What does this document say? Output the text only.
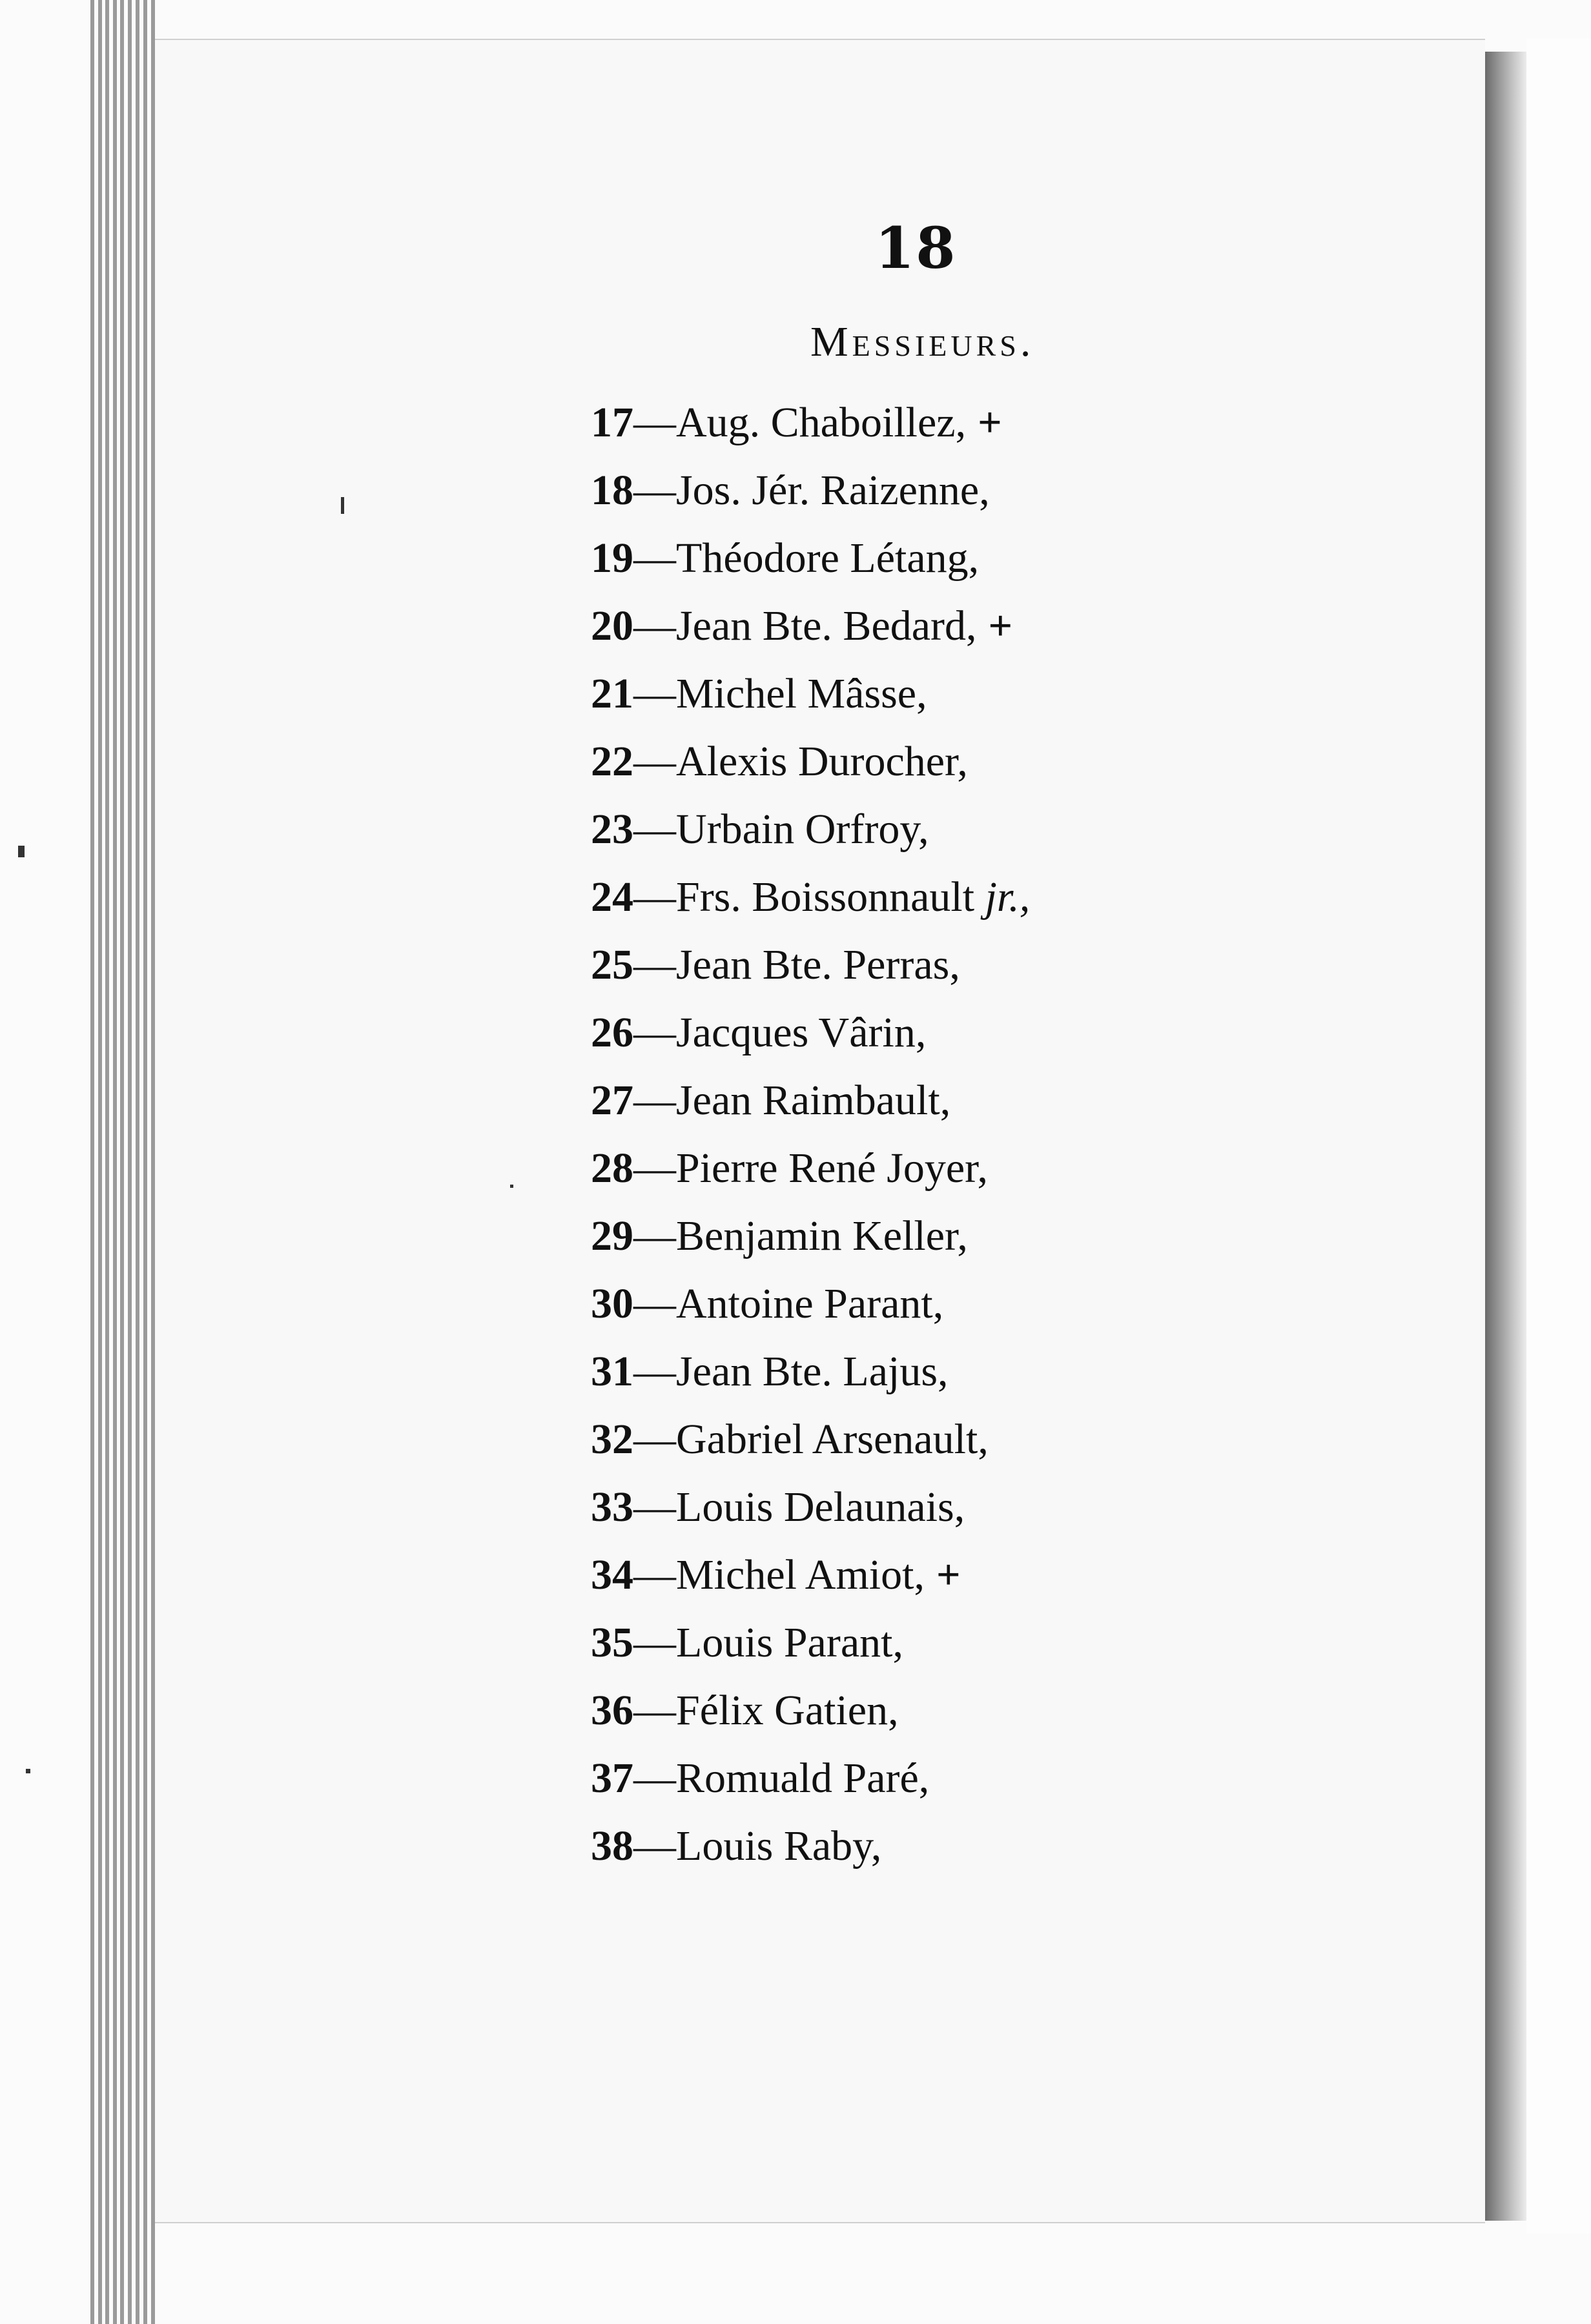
18
Messieurs.
17—Aug. Chaboillez, +
18—Jos. Jér. Raizenne,
19—Théodore Létang,
20—Jean Bte. Bedard, +
21—Michel Mâsse,
22—Alexis Durocher,
23—Urbain Orfroy,
24—Frs. Boissonnault jr.,
25—Jean Bte. Perras,
26—Jacques Vârin,
27—Jean Raimbault,
28—Pierre René Joyer,
29—Benjamin Keller,
30—Antoine Parant,
31—Jean Bte. Lajus,
32—Gabriel Arsenault,
33—Louis Delaunais,
34—Michel Amiot, +
35—Louis Parant,
36—Félix Gatien,
37—Romuald Paré,
38—Louis Raby,
